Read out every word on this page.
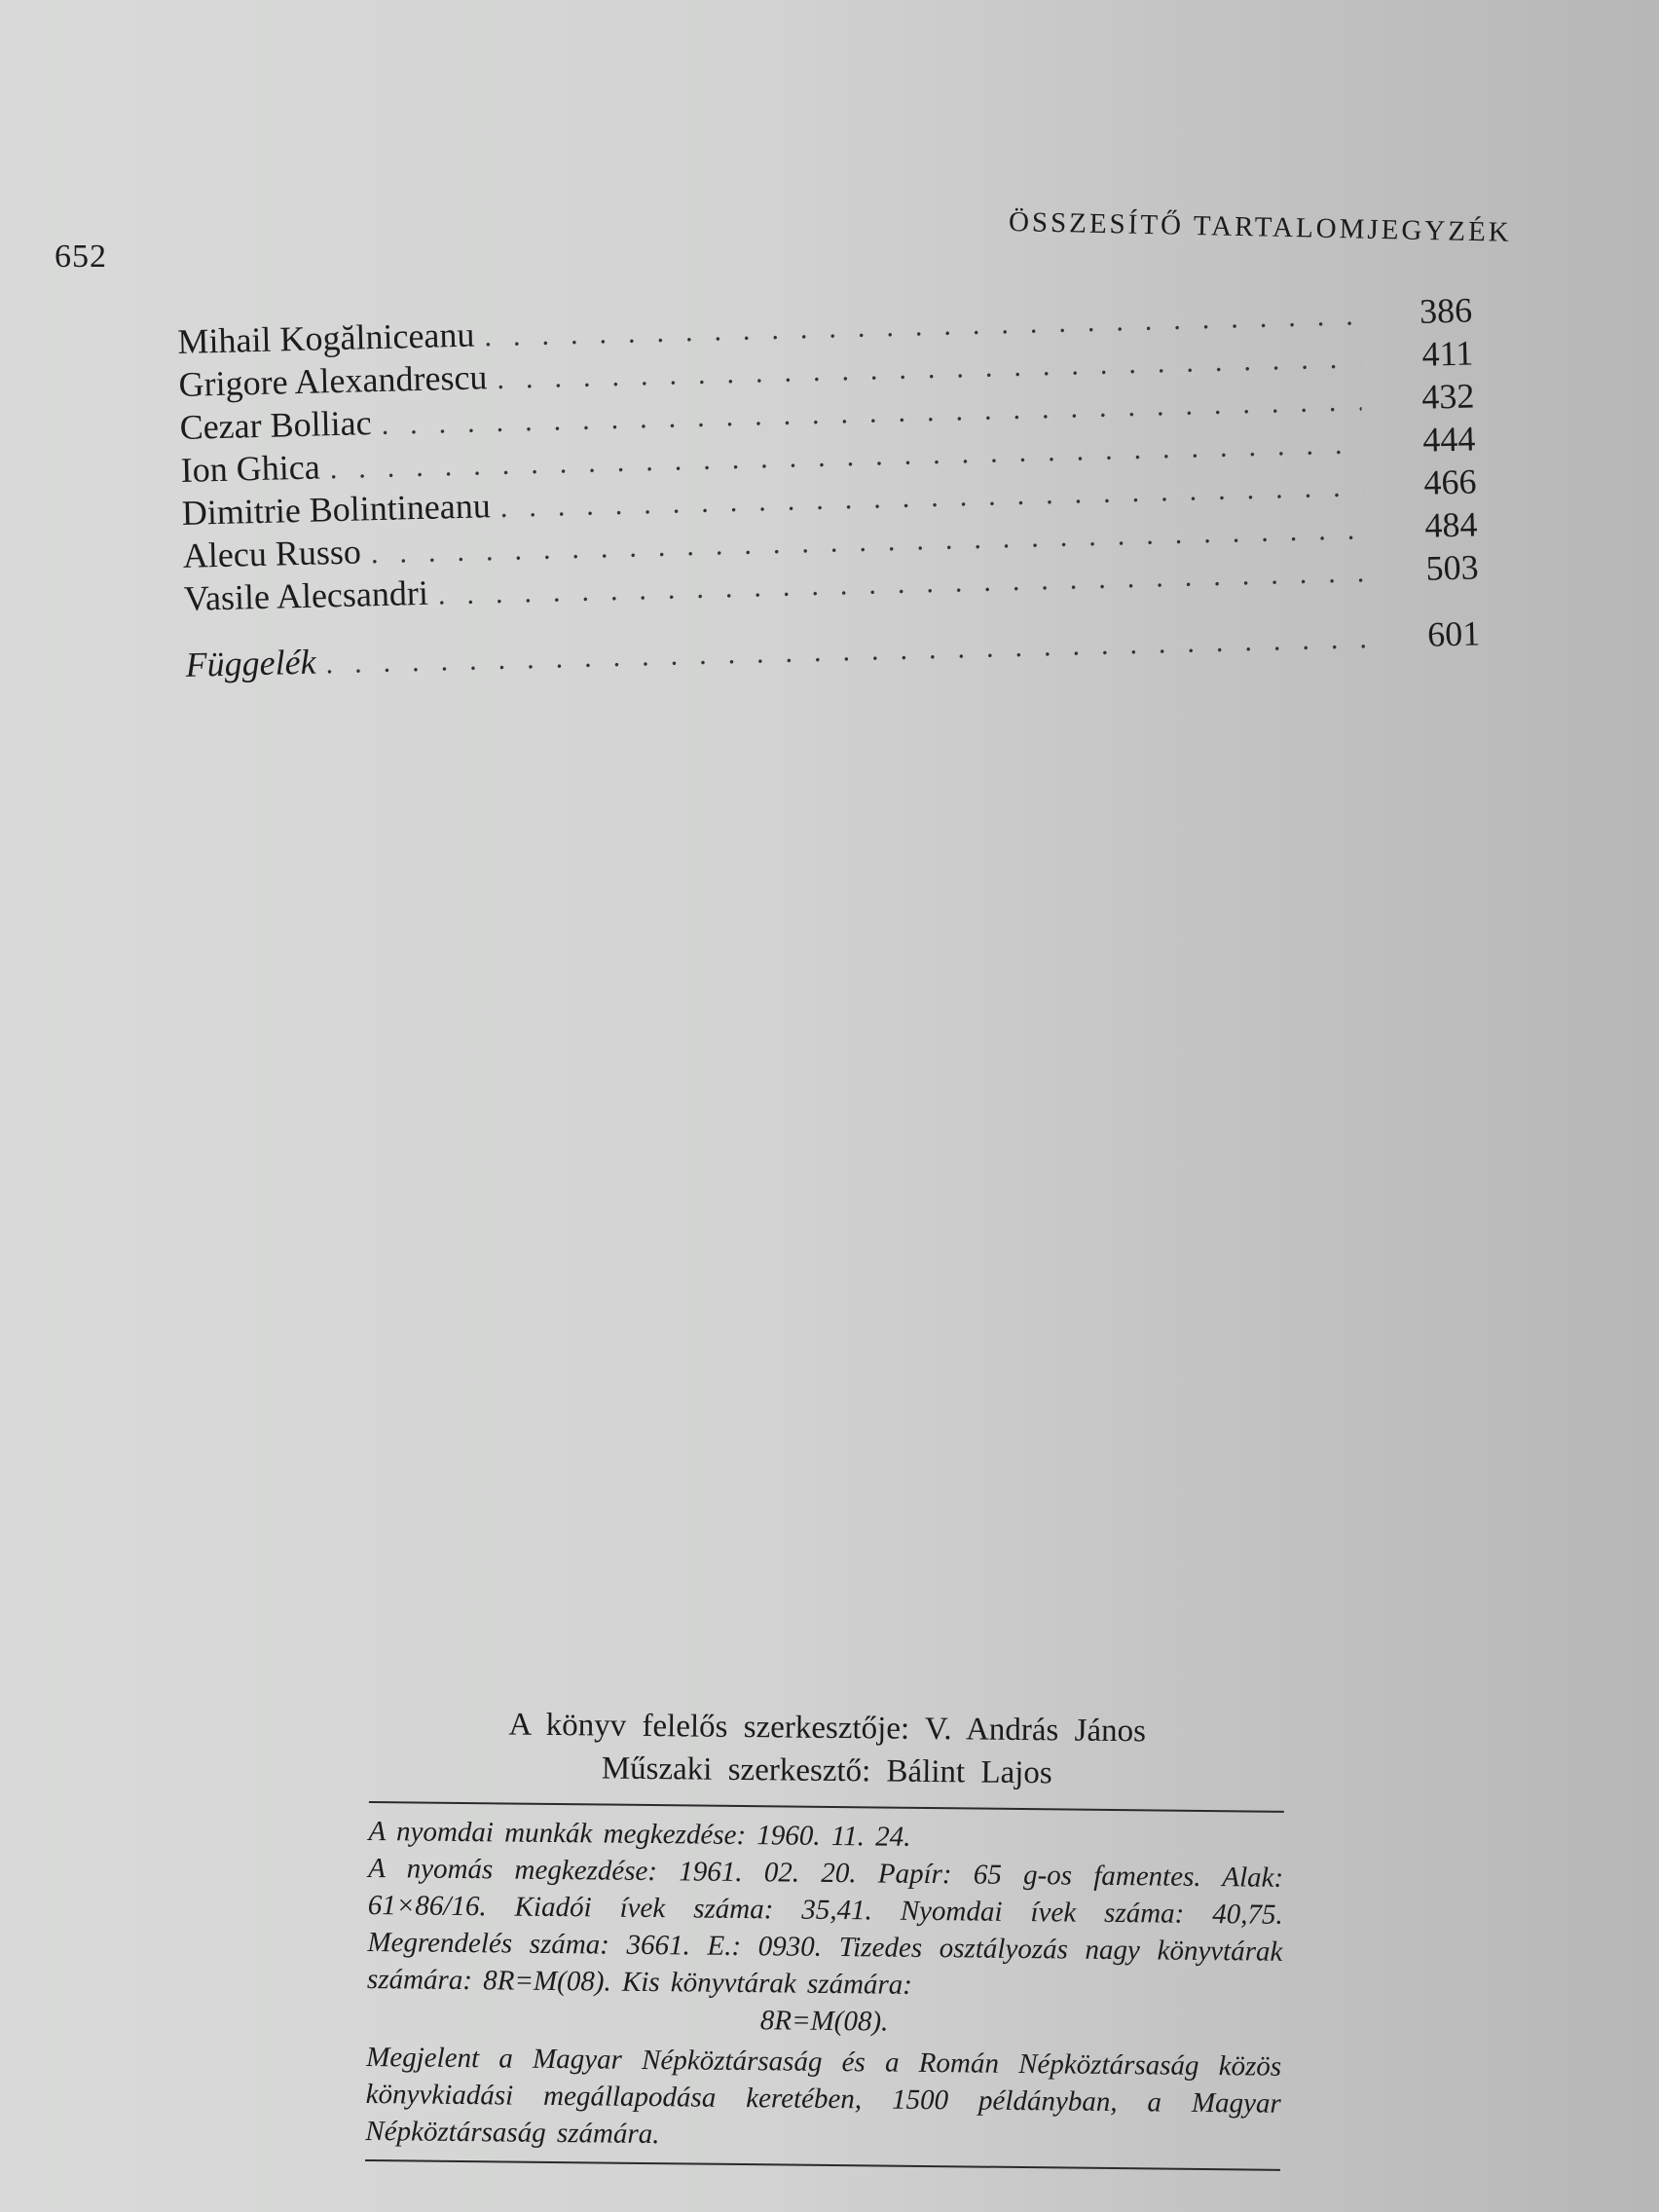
652
ÖSSZESÍTŐ TARTALOMJEGYZÉK
Mihail Kogălniceanu
.....
386
Grigore Alexandrescu
.....
411
Cezar Bolliac
.....
432
Ion Ghica
.....
444
Dimitrie Bolintineanu
.....
466
Alecu Russo
.....
484
Vasile Alecsandri
.....
503
Függelék
.....
601
A könyv felelős szerkesztője: V. András János
Műszaki szerkesztő: Bálint Lajos

A nyomdai munkák megkezdése: 1960. 11. 24.

A nyomás megkezdése: 1961. 02. 20. Papír: 65 g-os famentes. Alak: 61×86/16. Kiadói ívek száma: 35,41. Nyomdai ívek száma: 40,75. Megrendelés száma: 3661. E.: 0930. Tizedes osztályozás nagy könyvtárak számára: 8R=M(08). Kis könyvtárak számára:

8R=M(08).

Megjelent a Magyar Népköztársaság és a Román Népköztársaság közös könyvkiadási megállapodása keretében, 1500 példányban, a Magyar Népköztársaság számára.
